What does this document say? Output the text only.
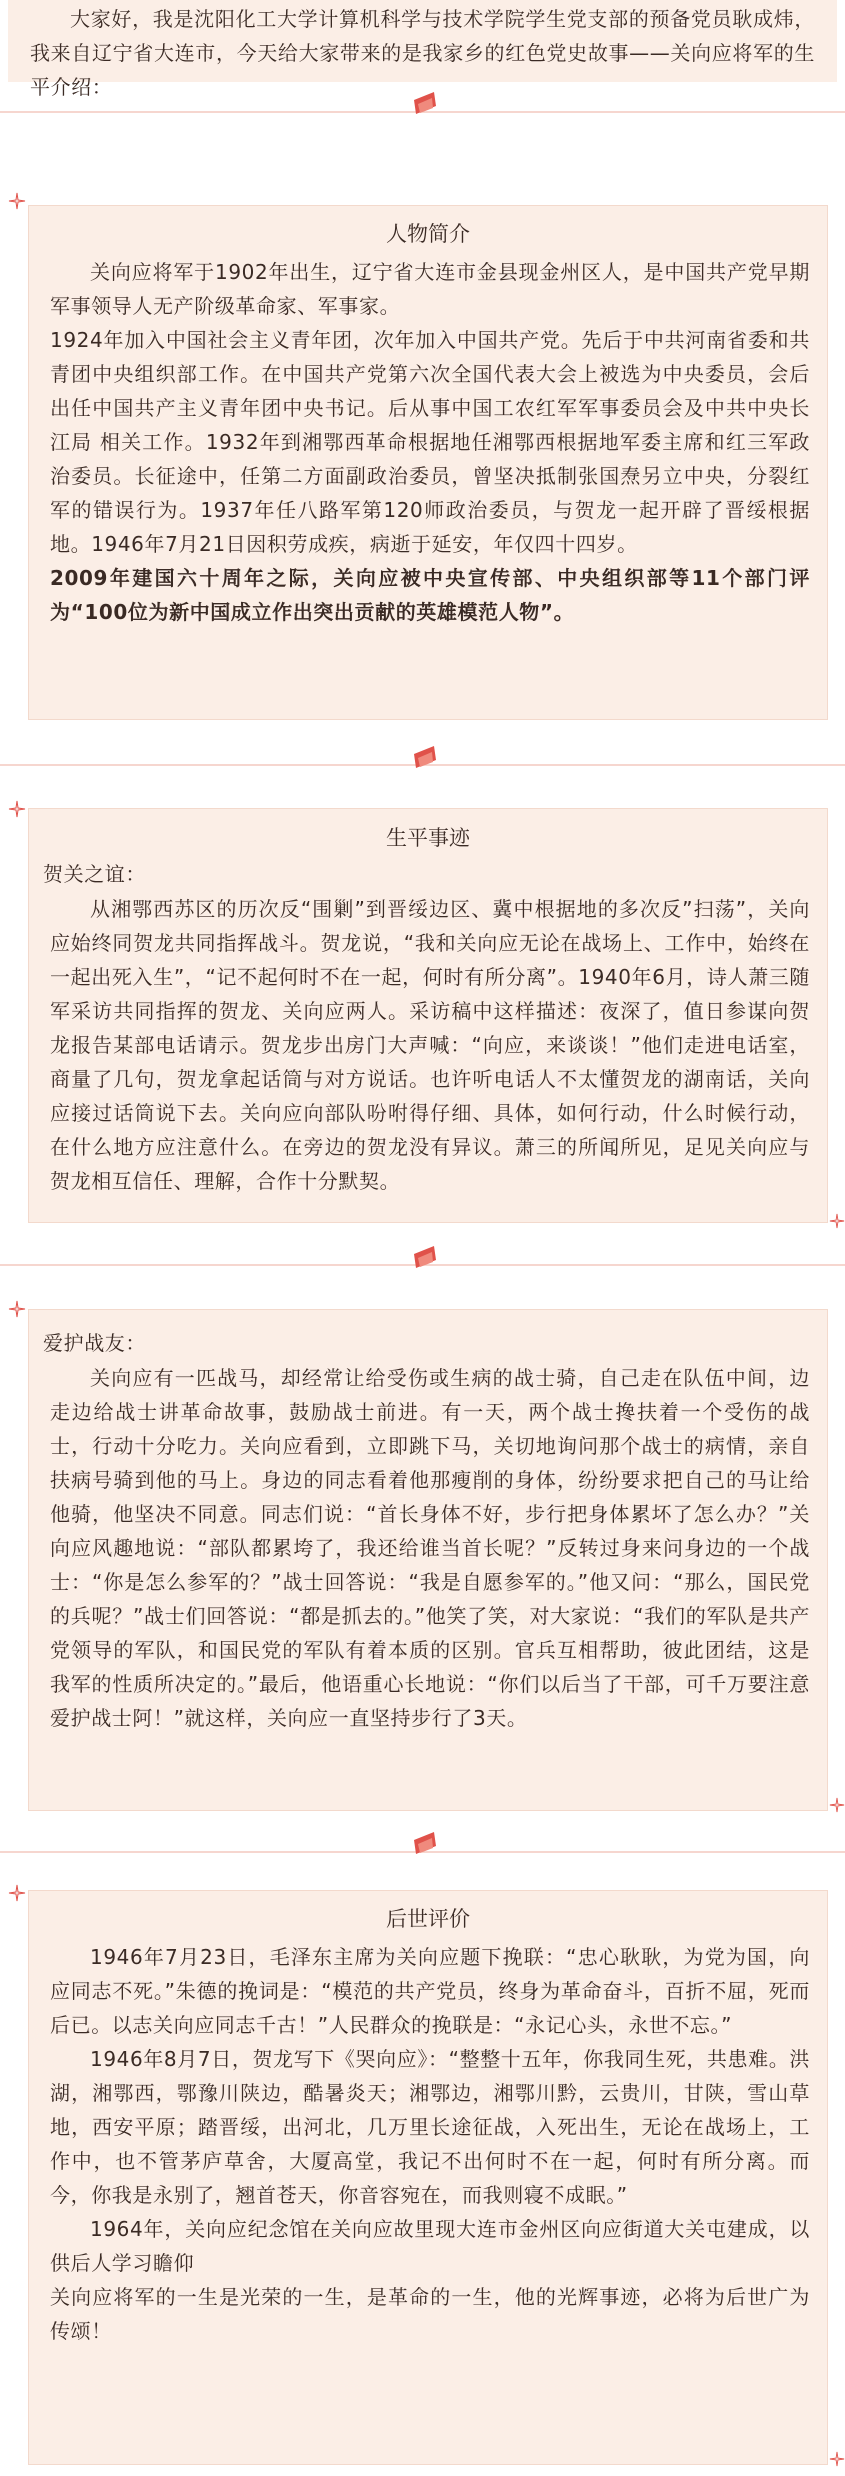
大家好，我是沈阳化工大学计算机科学与技术学院学生党支部的预备党员耿成炜，我来自辽宁省大连市，今天给大家带来的是我家乡的红色党史故事——关向应将军的生平介绍：
人物简介

关向应将军于1902年出生，辽宁省大连市金县现金州区人，是中国共产党早期军事领导人无产阶级革命家、军事家。

1924年加入中国社会主义青年团，次年加入中国共产党。先后于中共河南省委和共青团中央组织部工作。在中国共产党第六次全国代表大会上被选为中央委员，会后出任中国共产主义青年团中央书记。后从事中国工农红军军事委员会及中共中央长江局 相关工作。1932年到湘鄂西革命根据地任湘鄂西根据地军委主席和红三军政治委员。长征途中，任第二方面副政治委员，曾坚决抵制张国焘另立中央，分裂红军的错误行为。1937年任八路军第120师政治委员，与贺龙一起开辟了晋绥根据地。1946年7月21日因积劳成疾，病逝于延安，年仅四十四岁。

2009年建国六十周年之际，关向应被中央宣传部、中央组织部等11个部门评为“100位为新中国成立作出突出贡献的英雄模范人物”。

生平事迹
贺关之谊：
从湘鄂西苏区的历次反“围剿”到晋绥边区、冀中根据地的多次反”扫荡”，关向应始终同贺龙共同指挥战斗。贺龙说，“我和关向应无论在战场上、工作中，始终在一起出死入生”，“记不起何时不在一起，何时有所分离”。1940年6月，诗人萧三随军采访共同指挥的贺龙、关向应两人。采访稿中这样描述：夜深了，值日参谋向贺龙报告某部电话请示。贺龙步出房门大声喊：“向应，来谈谈！”他们走进电话室，商量了几句，贺龙拿起话筒与对方说话。也许听电话人不太懂贺龙的湖南话，关向应接过话筒说下去。关向应向部队吩咐得仔细、具体，如何行动，什么时候行动，在什么地方应注意什么。在旁边的贺龙没有异议。萧三的所闻所见，足见关向应与贺龙相互信任、理解，合作十分默契。
爱护战友：
关向应有一匹战马，却经常让给受伤或生病的战士骑，自己走在队伍中间，边走边给战士讲革命故事，鼓励战士前进。有一天，两个战士搀扶着一个受伤的战士，行动十分吃力。关向应看到，立即跳下马，关切地询问那个战士的病情，亲自扶病号骑到他的马上。身边的同志看着他那瘦削的身体，纷纷要求把自己的马让给他骑，他坚决不同意。同志们说：“首长身体不好，步行把身体累坏了怎么办？”关向应风趣地说：“部队都累垮了，我还给谁当首长呢？”反转过身来问身边的一个战士：“你是怎么参军的？”战士回答说：“我是自愿参军的。”他又问：“那么，国民党的兵呢？”战士们回答说：“都是抓去的。”他笑了笑，对大家说：“我们的军队是共产党领导的军队，和国民党的军队有着本质的区别。官兵互相帮助，彼此团结，这是我军的性质所决定的。”最后，他语重心长地说：“你们以后当了干部，可千万要注意爱护战士阿！”就这样，关向应一直坚持步行了3天。
后世评价

1946年7月23日，毛泽东主席为关向应题下挽联：“忠心耿耿，为党为国，向应同志不死。”朱德的挽词是：“模范的共产党员，终身为革命奋斗，百折不屈，死而后已。以志关向应同志千古！”人民群众的挽联是：“永记心头，永世不忘。”

1946年8月7日，贺龙写下《哭向应》：“整整十五年，你我同生死，共患难。洪湖，湘鄂西，鄂豫川陕边，酷暑炎天；湘鄂边，湘鄂川黔，云贵川，甘陕，雪山草地，西安平原；踏晋绥，出河北，几万里长途征战，入死出生，无论在战场上，工作中，也不管茅庐草舍，大厦高堂，我记不出何时不在一起，何时有所分离。而今，你我是永别了，翘首苍天，你音容宛在，而我则寝不成眠。”

1964年，关向应纪念馆在关向应故里现大连市金州区向应街道大关屯建成，以供后人学习瞻仰

关向应将军的一生是光荣的一生，是革命的一生，他的光辉事迹，必将为后世广为传颂！
